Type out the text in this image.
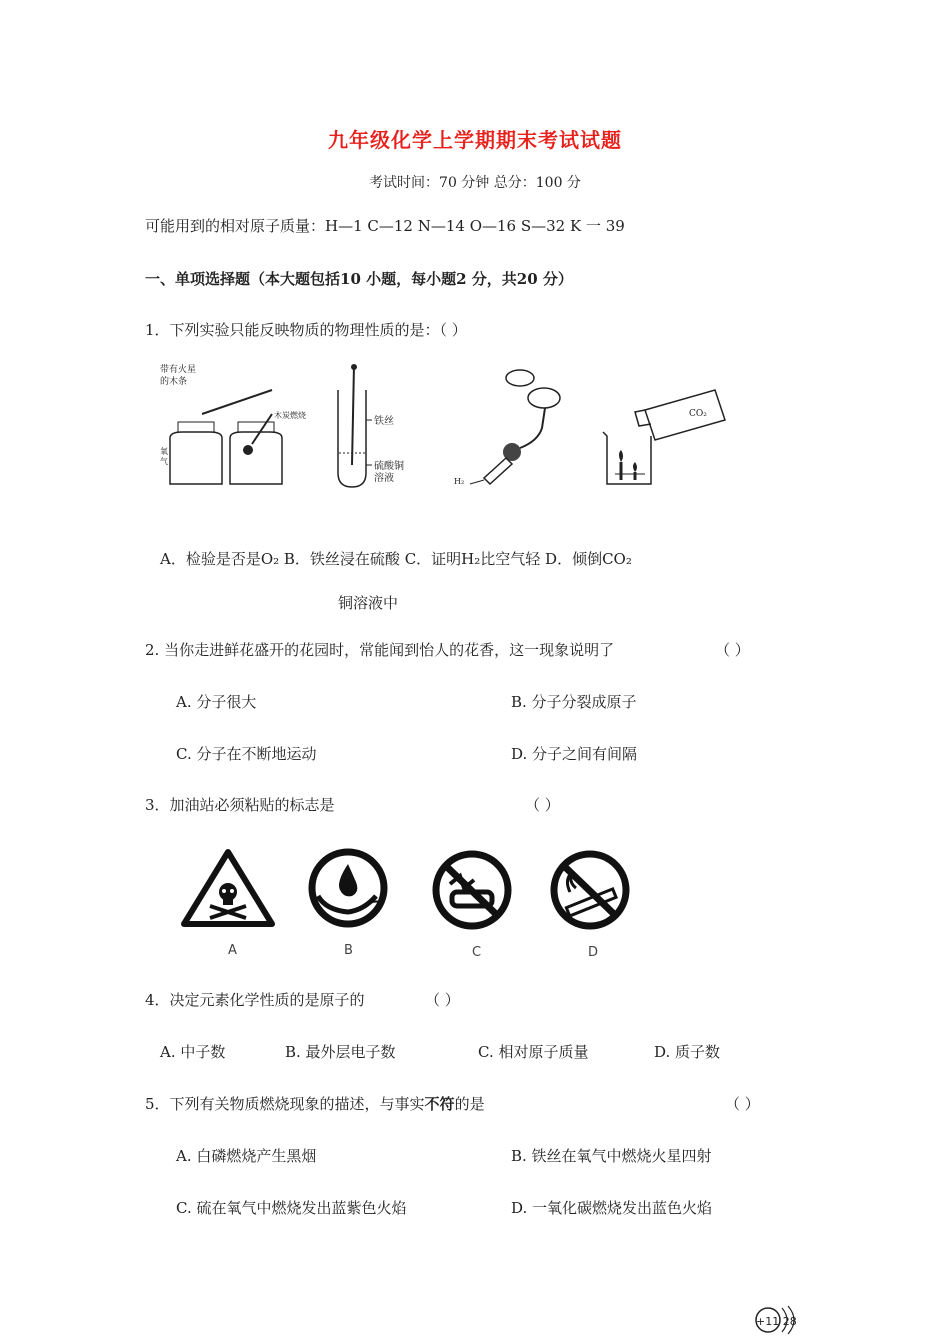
九年级化学上学期期末考试试题
考试时间：70 分钟 总分：100 分
可能用到的相对原子质量：H—1 C—12 N—14 O—16 S—32 K 一 39
一、单项选择题（本大题包括10 小题，每小题2 分，共20 分）
1．下列实验只能反映物质的物理性质的是：（ ）
带有火星
的木条
木炭燃烧
氧
气
铁丝
硫酸铜
溶液	H₂
CO₂
A．检验是否是O₂ B．铁丝浸在硫酸 C．证明H₂比空气轻 D．倾倒CO₂
铜溶液中
2. 当你走进鲜花盛开的花园时，常能闻到怡人的花香，这一现象说明了	（ ）
A. 分子很大	B. 分子分裂成原子
C. 分子在不断地运动	D. 分子之间有间隔
3．加油站必须粘贴的标志是	（ ）
A	B	C	D
4．决定元素化学性质的是原子的	（ ）
A. 中子数	B. 最外层电子数	C. 相对原子质量	D. 质子数
5．下列有关物质燃烧现象的描述，与事实不符的是	（ ）
A. 白磷燃烧产生黑烟	B. 铁丝在氧气中燃烧火星四射
C. 硫在氧气中燃烧发出蓝紫色火焰	D. 一氧化碳燃烧发出蓝色火焰
+11 28
